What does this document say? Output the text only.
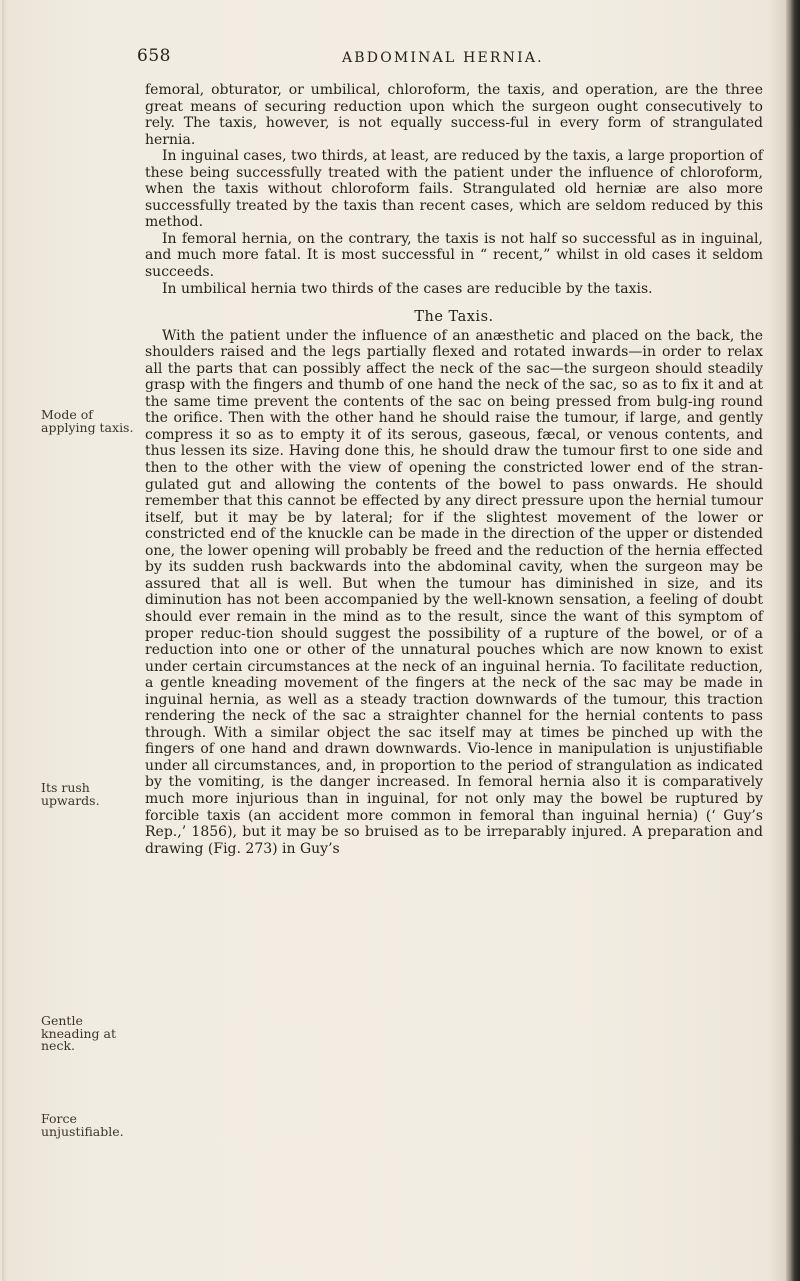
658	ABDOMINAL HERNIA.
Mode of applying taxis.
Its rush upwards.
Gentle kneading at neck.
Force unjustifiable.

femoral, obturator, or umbilical, chloroform, the taxis, and operation, are the three great means of securing reduction upon which the surgeon ought consecutively to rely. The taxis, however, is not equally success-ful in every form of strangulated hernia.

In inguinal cases, two thirds, at least, are reduced by the taxis, a large proportion of these being successfully treated with the patient under the influence of chloroform, when the taxis without chloroform fails. Strangulated old herniæ are also more successfully treated by the taxis than recent cases, which are seldom reduced by this method.

In femoral hernia, on the contrary, the taxis is not half so successful as in inguinal, and much more fatal. It is most successful in “ recent,” whilst in old cases it seldom succeeds.

In umbilical hernia two thirds of the cases are reducible by the taxis.

The Taxis.

With the patient under the influence of an anæsthetic and placed on the back, the shoulders raised and the legs partially flexed and rotated inwards—in order to relax all the parts that can possibly affect the neck of the sac—the surgeon should steadily grasp with the fingers and thumb of one hand the neck of the sac, so as to fix it and at the same time prevent the contents of the sac on being pressed from bulg-ing round the orifice. Then with the other hand he should raise the tumour, if large, and gently compress it so as to empty it of its serous, gaseous, fæcal, or venous contents, and thus lessen its size. Having done this, he should draw the tumour first to one side and then to the other with the view of opening the constricted lower end of the stran-gulated gut and allowing the contents of the bowel to pass onwards. He should remember that this cannot be effected by any direct pressure upon the hernial tumour itself, but it may be by lateral; for if the slightest movement of the lower or constricted end of the knuckle can be made in the direction of the upper or distended one, the lower opening will probably be freed and the reduction of the hernia effected by its sudden rush backwards into the abdominal cavity, when the surgeon may be assured that all is well. But when the tumour has diminished in size, and its diminution has not been accompanied by the well-known sensation, a feeling of doubt should ever remain in the mind as to the result, since the want of this symptom of proper reduc-tion should suggest the possibility of a rupture of the bowel, or of a reduction into one or other of the unnatural pouches which are now known to exist under certain circumstances at the neck of an inguinal hernia. To facilitate reduction, a gentle kneading movement of the fingers at the neck of the sac may be made in inguinal hernia, as well as a steady traction downwards of the tumour, this traction rendering the neck of the sac a straighter channel for the hernial contents to pass through. With a similar object the sac itself may at times be pinched up with the fingers of one hand and drawn downwards. Vio-lence in manipulation is unjustifiable under all circumstances, and, in proportion to the period of strangulation as indicated by the vomiting, is the danger increased. In femoral hernia also it is comparatively much more injurious than in inguinal, for not only may the bowel be ruptured by forcible taxis (an accident more common in femoral than inguinal hernia) (‘ Guy’s Rep.,’ 1856), but it may be so bruised as to be irreparably injured. A preparation and drawing (Fig. 273) in Guy’s
